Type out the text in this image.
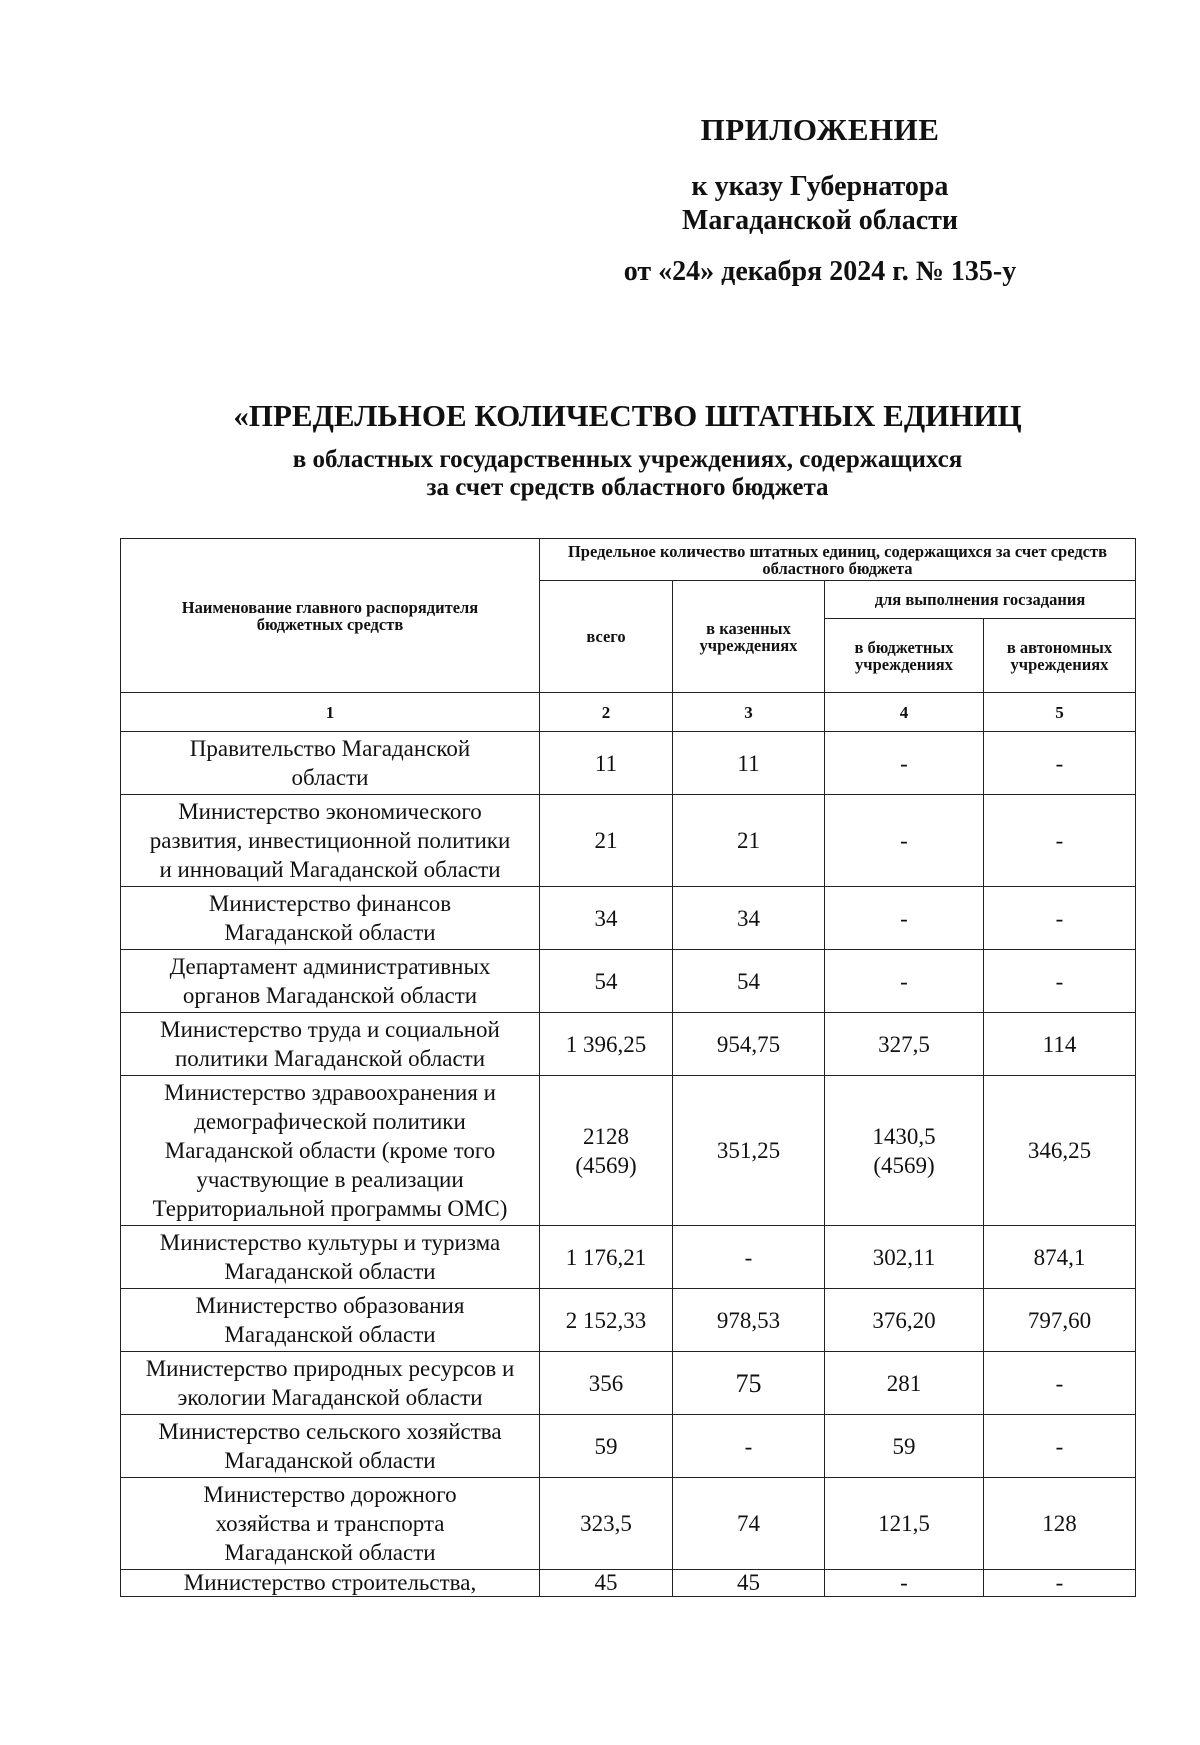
ПРИЛОЖЕНИЕ
к указу Губернатора
Магаданской области
от «24» декабря 2024 г. № 135-у
«ПРЕДЕЛЬНОЕ КОЛИЧЕСТВО ШТАТНЫХ ЕДИНИЦ
в областных государственных учреждениях, содержащихся
за счет средств областного бюджета
Наименование главного распорядителя бюджетных средств	Предельное количество штатных единиц, содержащихся за счет средств областного бюджета			
	всего	в казенных учреждениях	для выполнения госзадания	
			в бюджетных учреждениях	в автономных учреждениях
1	2	3	4	5
Правительство Магаданской области	11	11	-	-
Министерство экономического развития, инвестиционной политики и инноваций Магаданской области	21	21	-	-
Министерство финансов Магаданской области	34	34	-	-
Департамент административных органов Магаданской области	54	54	-	-
Министерство труда и социальной политики Магаданской области	1 396,25	954,75	327,5	114
Министерство здравоохранения и демографической политики Магаданской области (кроме того участвующие в реализации Территориальной программы ОМС)	2128 (4569)	351,25	1430,5 (4569)	346,25
Министерство культуры и туризма Магаданской области	1 176,21	-	302,11	874,1
Министерство образования Магаданской области	2 152,33	978,53	376,20	797,60
Министерство природных ресурсов и экологии Магаданской области	356	75	281	-
Министерство сельского хозяйства Магаданской области	59	-	59	-
Министерство дорожного хозяйства и транспорта Магаданской области	323,5	74	121,5	128
Министерство строительства,	45	45	-	-
